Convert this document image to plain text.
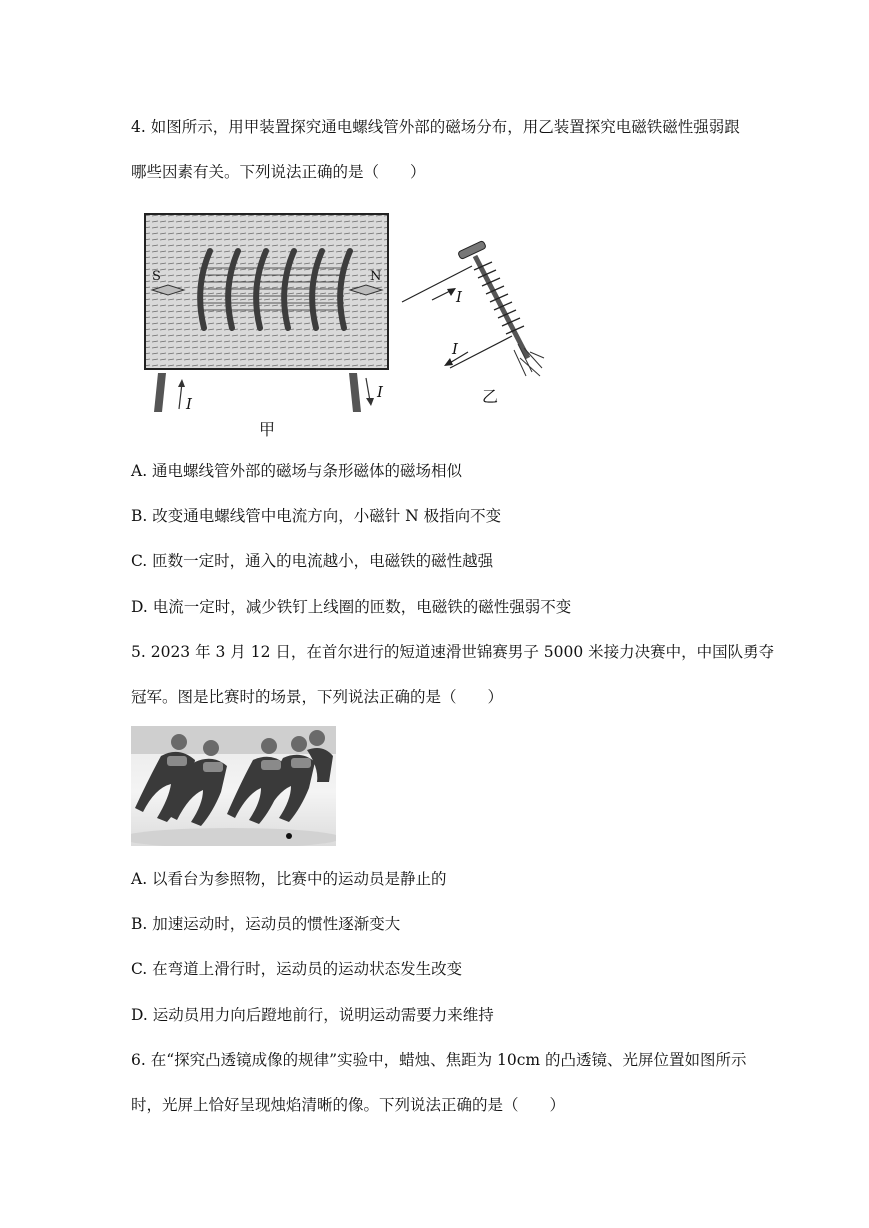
4. 如图所示，用甲装置探究通电螺线管外部的磁场分布，用乙装置探究电磁铁磁性强弱跟
哪些因素有关。下列说法正确的是（　　）
S	N
I
I
甲
I
I
乙
A. 通电螺线管外部的磁场与条形磁体的磁场相似
B. 改变通电螺线管中电流方向，小磁针 N 极指向不变
C. 匝数一定时，通入的电流越小，电磁铁的磁性越强
D. 电流一定时，减少铁钉上线圈的匝数，电磁铁的磁性强弱不变
5. 2023 年 3 月 12 日，在首尔进行的短道速滑世锦赛男子 5000 米接力决赛中，中国队勇夺
冠军。图是比赛时的场景，下列说法正确的是（　　）
A. 以看台为参照物，比赛中的运动员是静止的
B. 加速运动时，运动员的惯性逐渐变大
C. 在弯道上滑行时，运动员的运动状态发生改变
D. 运动员用力向后蹬地前行，说明运动需要力来维持
6. 在“探究凸透镜成像的规律”实验中，蜡烛、焦距为 10cm 的凸透镜、光屏位置如图所示
时，光屏上恰好呈现烛焰清晰的像。下列说法正确的是（　　）
